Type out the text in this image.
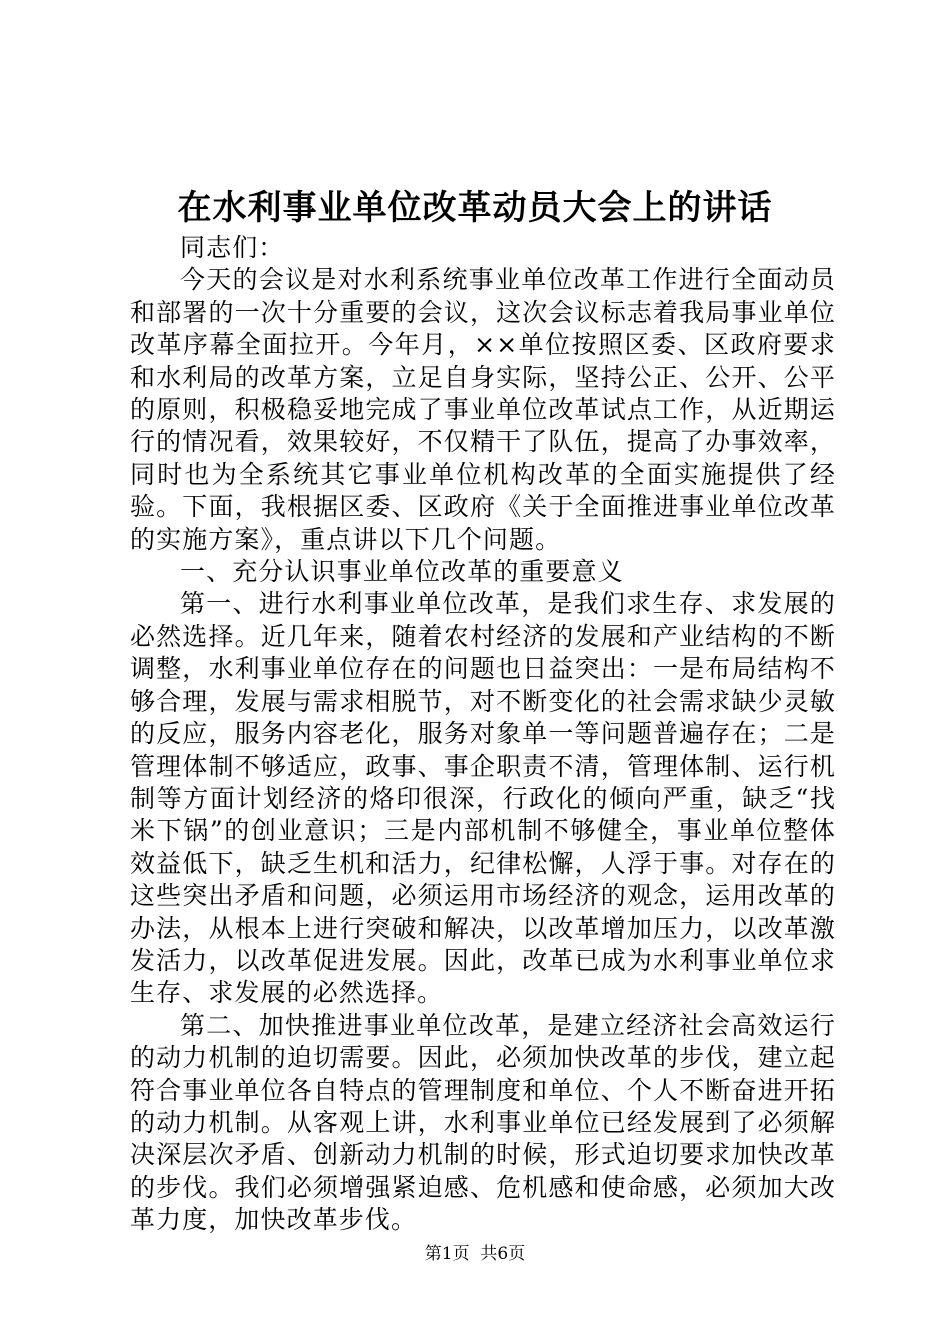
在水利事业单位改革动员大会上的讲话

同志们：

今天的会议是对水利系统事业单位改革工作进行全面动员和部署的一次十分重要的会议，这次会议标志着我局事业单位改革序幕全面拉开。今年月，××单位按照区委、区政府要求和水利局的改革方案，立足自身实际，坚持公正、公开、公平的原则，积极稳妥地完成了事业单位改革试点工作，从近期运行的情况看，效果较好，不仅精干了队伍，提高了办事效率，同时也为全系统其它事业单位机构改革的全面实施提供了经验。下面，我根据区委、区政府《关于全面推进事业单位改革的实施方案》，重点讲以下几个问题。

一、充分认识事业单位改革的重要意义

第一、进行水利事业单位改革，是我们求生存、求发展的必然选择。近几年来，随着农村经济的发展和产业结构的不断调整，水利事业单位存在的问题也日益突出：一是布局结构不够合理，发展与需求相脱节，对不断变化的社会需求缺少灵敏的反应，服务内容老化，服务对象单一等问题普遍存在；二是管理体制不够适应，政事、事企职责不清，管理体制、运行机制等方面计划经济的烙印很深，行政化的倾向严重，缺乏“找米下锅”的创业意识；三是内部机制不够健全，事业单位整体效益低下，缺乏生机和活力，纪律松懈，人浮于事。对存在的这些突出矛盾和问题，必须运用市场经济的观念，运用改革的办法，从根本上进行突破和解决，以改革增加压力，以改革激发活力，以改革促进发展。因此，改革已成为水利事业单位求生存、求发展的必然选择。

第二、加快推进事业单位改革，是建立经济社会高效运行的动力机制的迫切需要。因此，必须加快改革的步伐，建立起符合事业单位各自特点的管理制度和单位、个人不断奋进开拓的动力机制。从客观上讲，水利事业单位已经发展到了必须解决深层次矛盾、创新动力机制的时候，形式迫切要求加快改革的步伐。我们必须增强紧迫感、危机感和使命感，必须加大改革力度，加快改革步伐。

第1页 共6页
